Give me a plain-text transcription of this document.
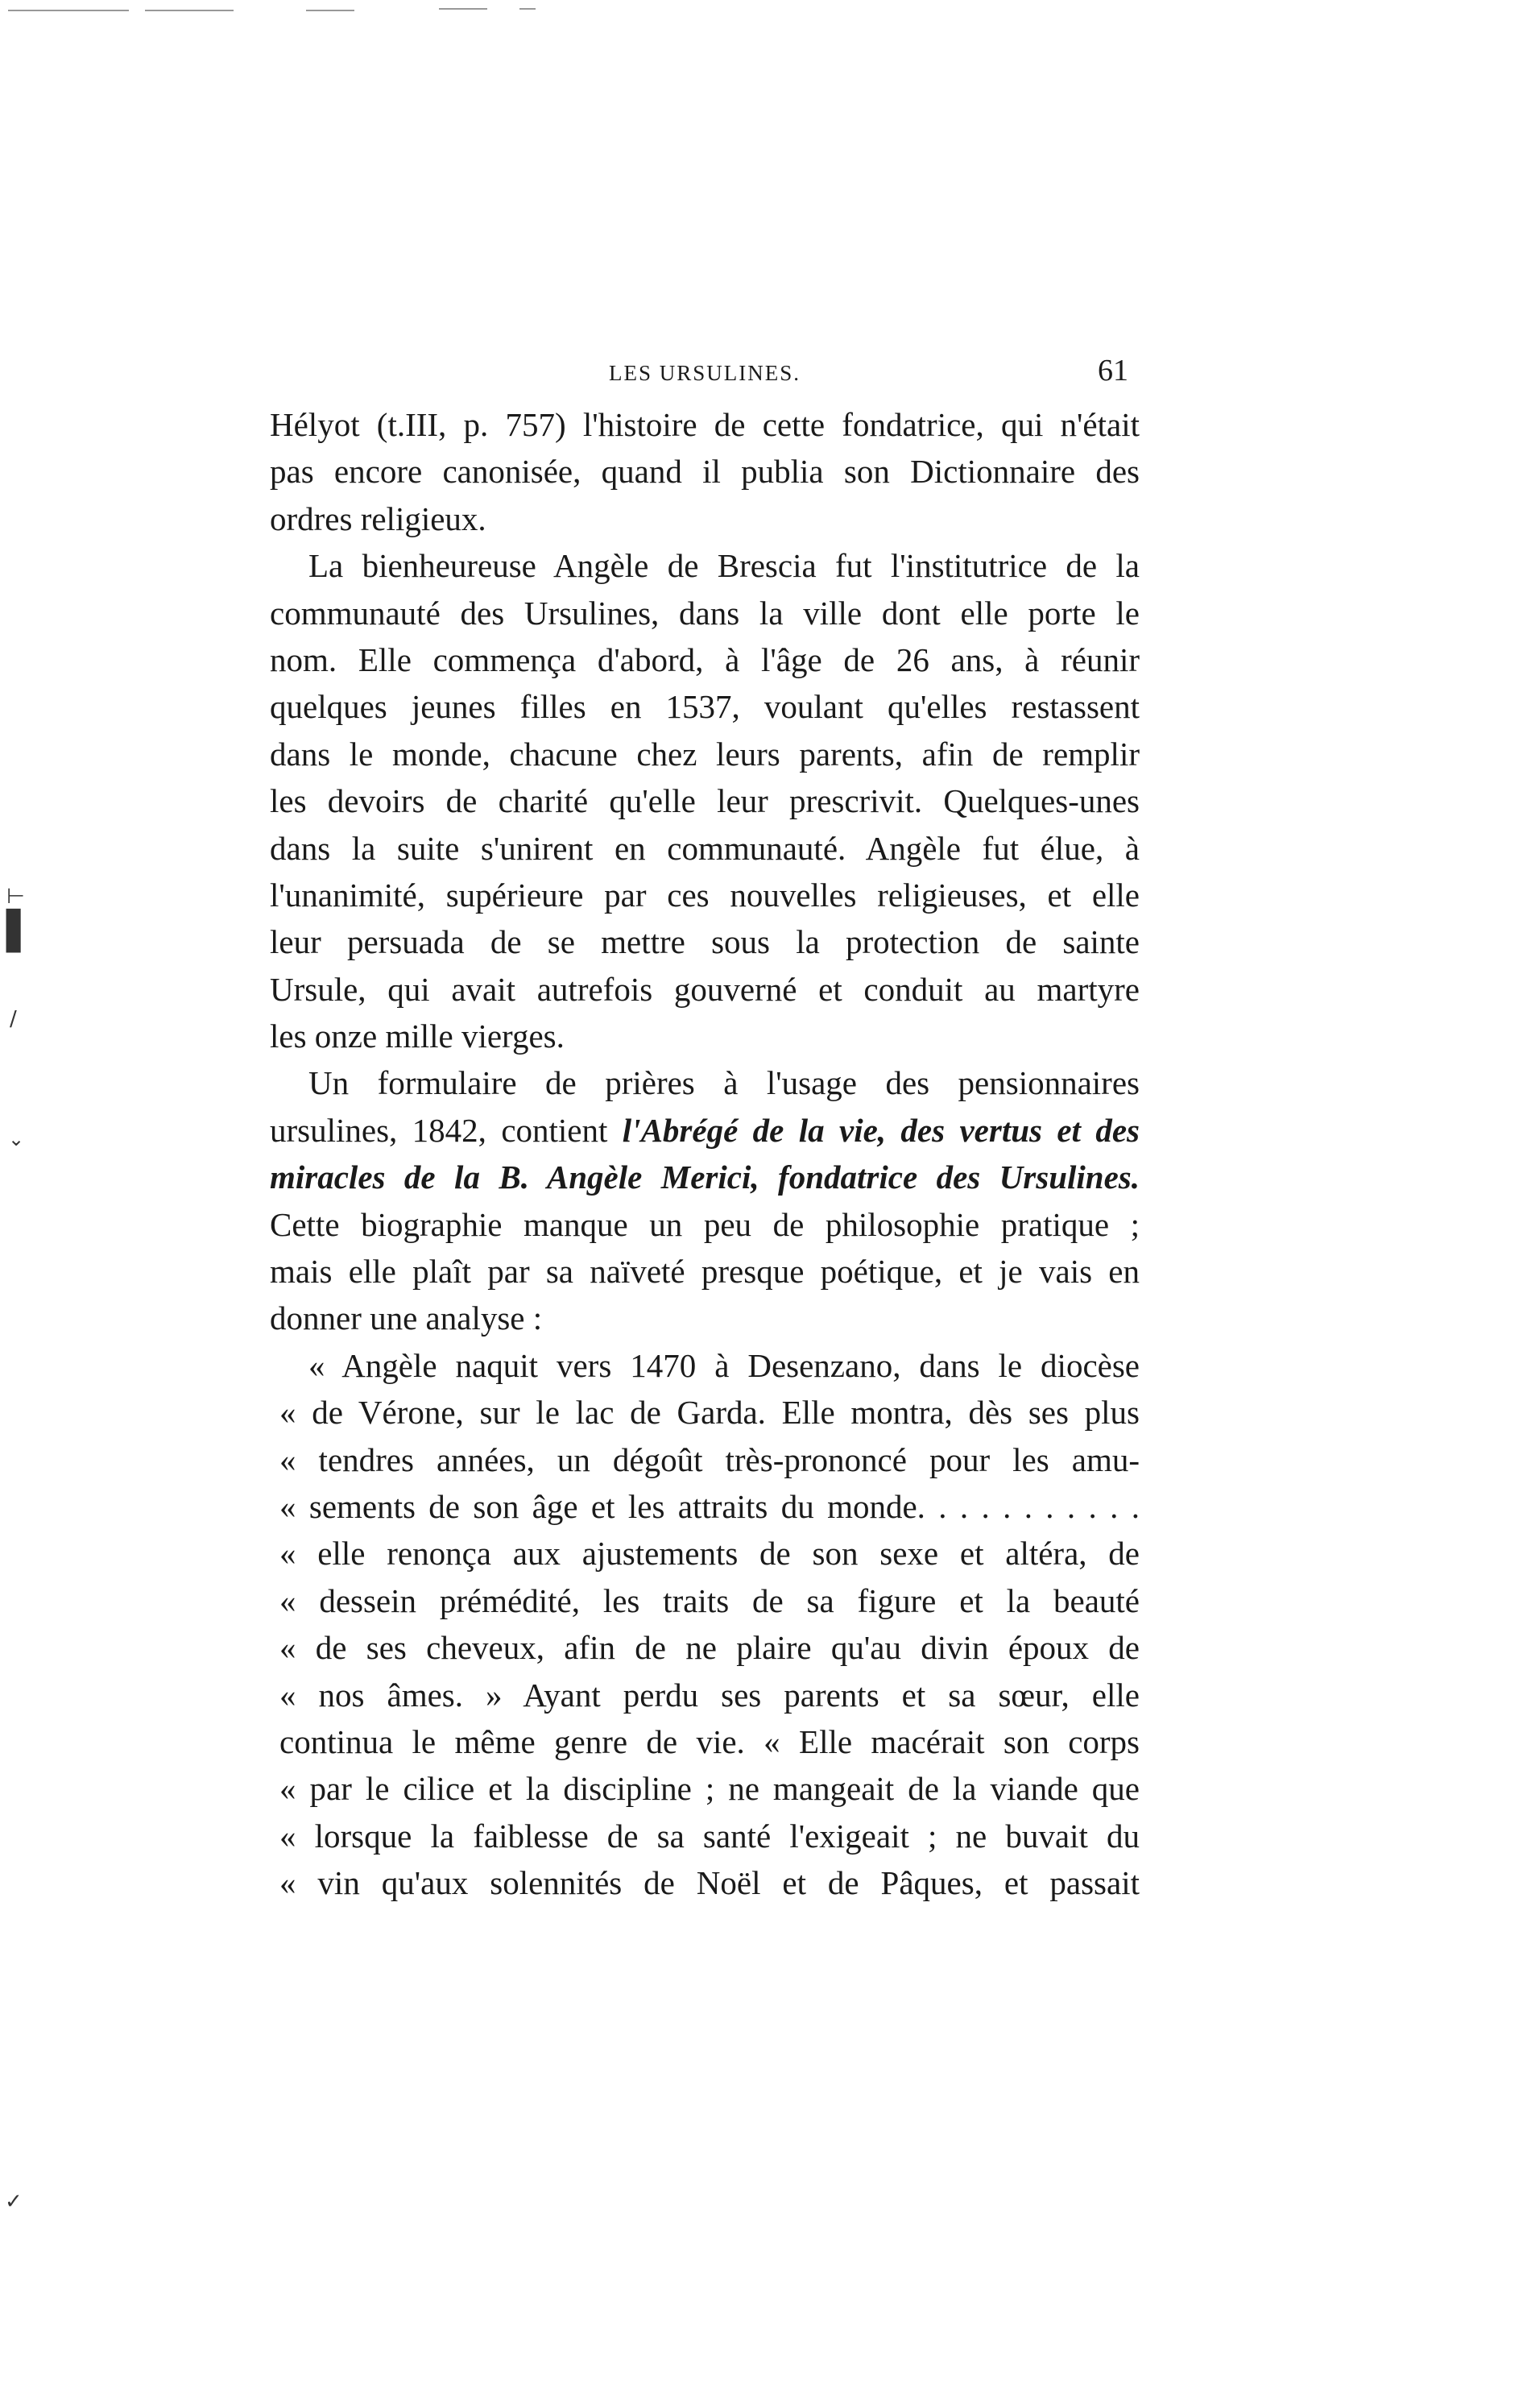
⊢
▌
/
⌄
✓
LES URSULINES.	61
Hélyot (t.III, p. 757) l'histoire de cette fondatrice, qui n'était
pas encore canonisée, quand il publia son Dictionnaire des
ordres religieux.
La bienheureuse Angèle de Brescia fut l'institutrice de la
communauté des Ursulines, dans la ville dont elle porte le
nom. Elle commença d'abord, à l'âge de 26 ans, à réunir
quelques jeunes filles en 1537, voulant qu'elles restassent
dans le monde, chacune chez leurs parents, afin de remplir
les devoirs de charité qu'elle leur prescrivit. Quelques-unes
dans la suite s'unirent en communauté. Angèle fut élue, à
l'unanimité, supérieure par ces nouvelles religieuses, et elle
leur persuada de se mettre sous la protection de sainte
Ursule, qui avait autrefois gouverné et conduit au martyre
les onze mille vierges.
Un formulaire de prières à l'usage des pensionnaires
ursulines, 1842, contient l'Abrégé de la vie, des vertus et des
miracles de la B. Angèle Merici, fondatrice des Ursulines.
Cette biographie manque un peu de philosophie pratique ;
mais elle plaît par sa naïveté presque poétique, et je vais en
donner une analyse :
« Angèle naquit vers 1470 à Desenzano, dans le diocèse
« de Vérone, sur le lac de Garda. Elle montra, dès ses plus
« tendres années, un dégoût très-prononcé pour les amu-
« sements de son âge et les attraits du monde. . . . . . . . . . .
« elle renonça aux ajustements de son sexe et altéra, de
« dessein prémédité, les traits de sa figure et la beauté
« de ses cheveux, afin de ne plaire qu'au divin époux de
« nos âmes. » Ayant perdu ses parents et sa sœur, elle
continua le même genre de vie. « Elle macérait son corps
« par le cilice et la discipline ; ne mangeait de la viande que
« lorsque la faiblesse de sa santé l'exigeait ; ne buvait du
« vin qu'aux solennités de Noël et de Pâques, et passait
